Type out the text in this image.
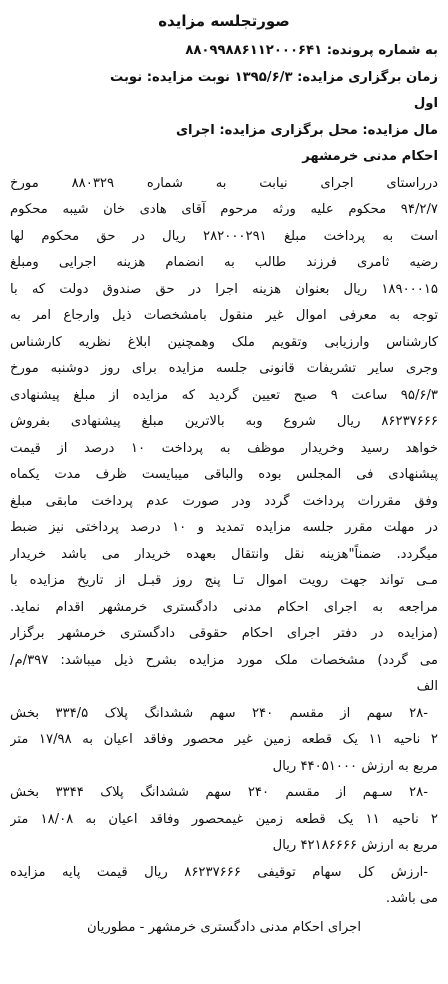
صورتجلسه مزایده
به شماره پرونده: ۸۸۰۹۹۸۸۶۱۱۲۰۰۰۶۴۱
زمان برگزاری مزایده: ۱۳۹۵/۶/۳ نوبت مزایده: نوبت
اول
مال مزایده: محل برگزاری مزایده: اجرای
احکام مدنی خرمشهر
درراستای اجرای نیابت به شماره ۸۸۰۳۲۹ مورخ
۹۴/۲/۷ محکوم علیه ورثه مرحوم آقای هادی خان شیبه محکوم
است به پرداخت مبلغ ۲۸۲۰۰۰۲۹۱ ریال در حق محکوم لها
رضیه ثامری فرزند طالب به انضمام هزینه اجرایی ومبلغ
۱۸۹۰۰۰۱۵ ریال بعنوان هزینه اجرا در حق صندوق دولت که با
توجه به معرفی اموال غیر منقول بامشخصات ذیل وارجاع امر به
کارشناس وارزیابی وتقویم ملک وهمچنین ابلاغ نظریه کارشناس
وجری سایر تشریفات قانونی جلسه مزایده برای روز دوشنبه مورخ
۹۵/۶/۳ ساعت ۹ صبح تعیین گردید که مزایده از مبلغ پیشنهادی
۸۶۲۳۷۶۶۶ ریال شروع وبه بالاترین مبلغ پیشنهادی بفروش
خواهد رسید وخریدار موظف به پرداخت ۱۰ درصد از قیمت
پیشنهادی فی المجلس بوده والباقی میبایست ظرف مدت یکماه
وفق مقررات پرداخت گردد ودر صورت عدم پرداخت مابقی مبلغ
در مهلت مقرر جلسه مزایده تمدید و ۱۰ درصد پرداختی نیز ضبط
میگردد. ضمناً"هزینه نقل وانتقال بعهده خریدار می باشد خریدار
مـی تواند جهت رویت اموال تـا پنج روز قبـل از تاریخ مزایده با
مراجعه به اجرای احکام مدنی دادگستری خرمشهر اقدام نماید.
(مزایده در دفتر اجرای احکام حقوقی دادگستری خرمشهر برگزار
می گردد) مشخصات ملک مورد مزایده بشرح ذیل میباشد: ۳۹۷/م/
الف
-۲۸ سهم از مقسم ۲۴۰ سهم ششدانگ پلاک ۳۳۴/۵ بخش
۲ ناحیه ۱۱ یک قطعه زمین غیر محصور وفاقد اعیان به ۱۷/۹۸ متر
مربع به ارزش ۴۴۰۵۱۰۰۰ ریال
-۲۸ سـهم از مقسم ۲۴۰ سهم ششدانگ پلاک ۳۳۴۴ بخش
۲ ناحیه ۱۱ یک قطعه زمین غیمحصور وفاقد اعیان به ۱۸/۰۸ متر
مربع به ارزش ۴۲۱۸۶۶۶۶ ریال
-ارزش کل سهام توقیفی ۸۶۲۳۷۶۶۶ ریال قیمت پایه مزایده
می باشد.
اجرای احکام مدنی دادگستری خرمشهر - مطوریان
